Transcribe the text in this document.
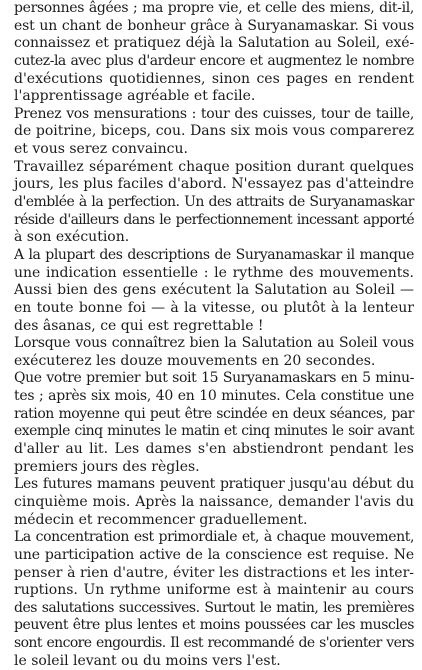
personnes âgées ; ma propre vie, et celle des miens, dit-il,
est un chant de bonheur grâce à Suryanamaskar. Si vous
connaissez et pratiquez déjà la Salutation au Soleil, exé-
cutez-la avec plus d'ardeur encore et augmentez le nombre
d'exécutions quotidiennes, sinon ces pages en rendent
l'apprentissage agréable et facile.
Prenez vos mensurations : tour des cuisses, tour de taille,
de poitrine, biceps, cou. Dans six mois vous comparerez
et vous serez convaincu.
Travaillez séparément chaque position durant quelques
jours, les plus faciles d'abord. N'essayez pas d'atteindre
d'emblée à la perfection. Un des attraits de Suryanamaskar
réside d'ailleurs dans le perfectionnement incessant apporté
à son exécution.
A la plupart des descriptions de Suryanamaskar il manque
une indication essentielle : le rythme des mouvements.
Aussi bien des gens exécutent la Salutation au Soleil —
en toute bonne foi — à la vitesse, ou plutôt à la lenteur
des âsanas, ce qui est regrettable !
Lorsque vous connaîtrez bien la Salutation au Soleil vous
exécuterez les douze mouvements en 20 secondes.
Que votre premier but soit 15 Suryanamaskars en 5 minu-
tes ; après six mois, 40 en 10 minutes. Cela constitue une
ration moyenne qui peut être scindée en deux séances, par
exemple cinq minutes le matin et cinq minutes le soir avant
d'aller au lit. Les dames s'en abstiendront pendant les
premiers jours des règles.
Les futures mamans peuvent pratiquer jusqu'au début du
cinquième mois. Après la naissance, demander l'avis du
médecin et recommencer graduellement.
La concentration est primordiale et, à chaque mouvement,
une participation active de la conscience est requise. Ne
penser à rien d'autre, éviter les distractions et les inter-
ruptions. Un rythme uniforme est à maintenir au cours
des salutations successives. Surtout le matin, les premières
peuvent être plus lentes et moins poussées car les muscles
sont encore engourdis. Il est recommandé de s'orienter vers
le soleil levant ou du moins vers l'est.
